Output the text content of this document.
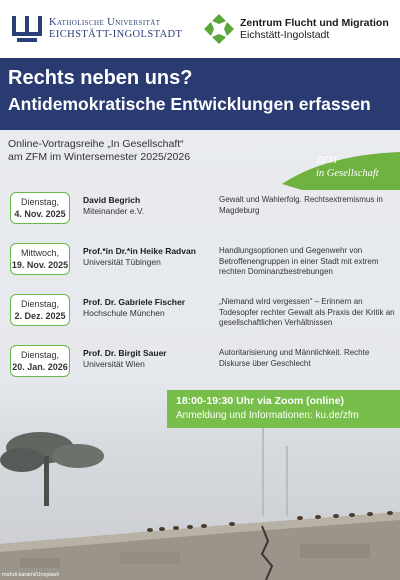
Katholische Universität
EICHSTÄTT-INGOLSTADT
Zentrum Flucht und Migration
Eichstätt-Ingolstadt
Rechts neben uns?
Antidemokratische Entwicklungen erfassen
Online-Vortragsreihe „In Gesellschaft“
am ZFM im Wintersemester 2025/2026	ZFM
in Gesellschaft
Dienstag,
4. Nov. 2025
David Begrich
Miteinander e.V.
Gewalt und Wahlerfolg. Rechtsextremismus in Magdeburg
Mittwoch,
19. Nov. 2025
Prof.*in Dr.*in Heike Radvan
Universität Tübingen
Handlungsoptionen und Gegenwehr von Betroffenengruppen in einer Stadt mit extrem rechten Dominanzbestrebungen
Dienstag,
2. Dez. 2025
Prof. Dr. Gabriele Fischer
Hochschule München
„Niemand wird vergessen“ – Erinnern an Todesopfer rechter Gewalt als Praxis der Kritik an gesellschaftlichen Verhältnissen
Dienstag,
20. Jan. 2026
Prof. Dr. Birgit Sauer
Universität Wien
Autoritarisierung und Männlichkeit. Rechte Diskurse über Geschlecht
18:00-19:30 Uhr via Zoom (online)
Anmeldung und Informationen: ku.de/zfm
mahdi karami/Unsplash
